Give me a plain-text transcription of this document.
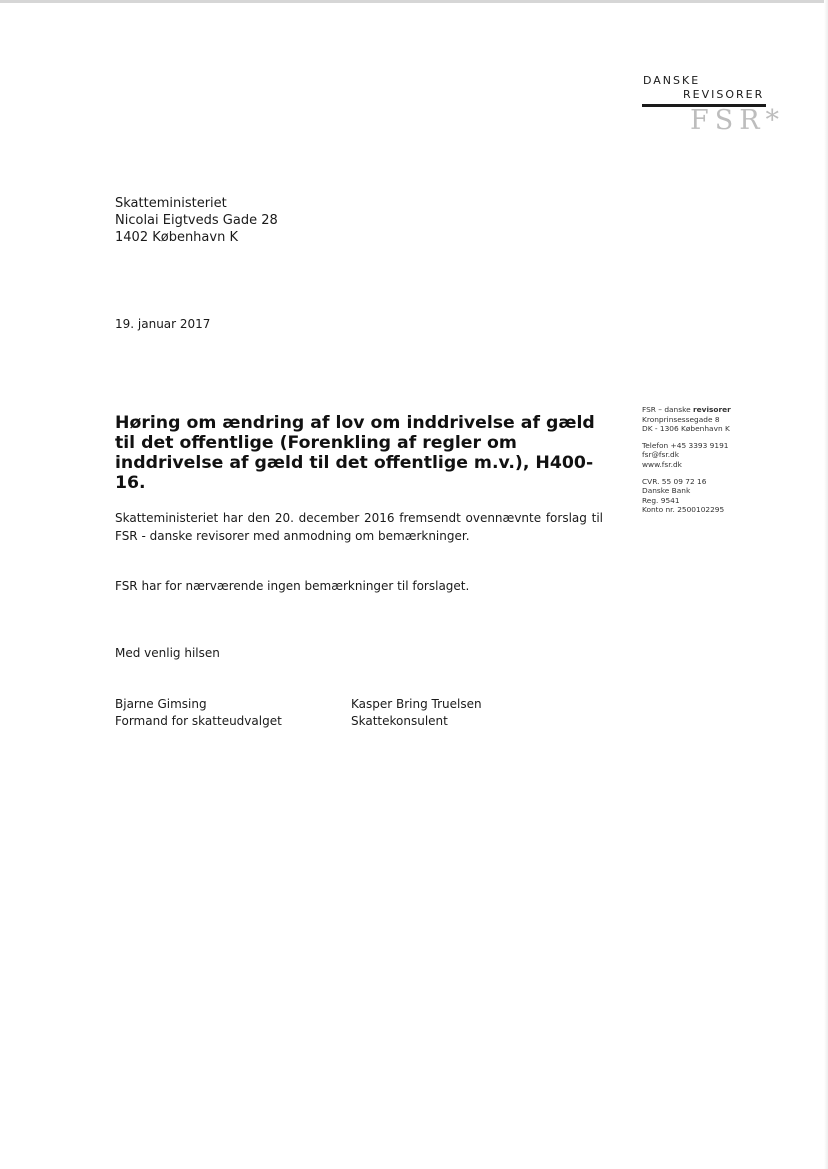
DANSKE
REVISORER
FSR*
Skatteministeriet
Nicolai Eigtveds Gade 28
1402 København K
19. januar 2017
Høring om ændring af lov om inddrivelse af gæld til det offentlige (Forenkling af regler om inddrivelse af gæld til det offentlige m.v.), H400-16.
FSR – danske revisorer
Kronprinsessegade 8
DK - 1306 København K
Telefon +45 3393 9191
fsr@fsr.dk
www.fsr.dk
CVR. 55 09 72 16
Danske Bank
Reg. 9541
Konto nr. 2500102295
Skatteministeriet har den 20. december 2016 fremsendt ovennævnte forslag til FSR - danske revisorer med anmodning om bemærkninger.
FSR har for nærværende ingen bemærkninger til forslaget.
Med venlig hilsen
Bjarne Gimsing
Formand for skatteudvalget
Kasper Bring Truelsen
Skattekonsulent
